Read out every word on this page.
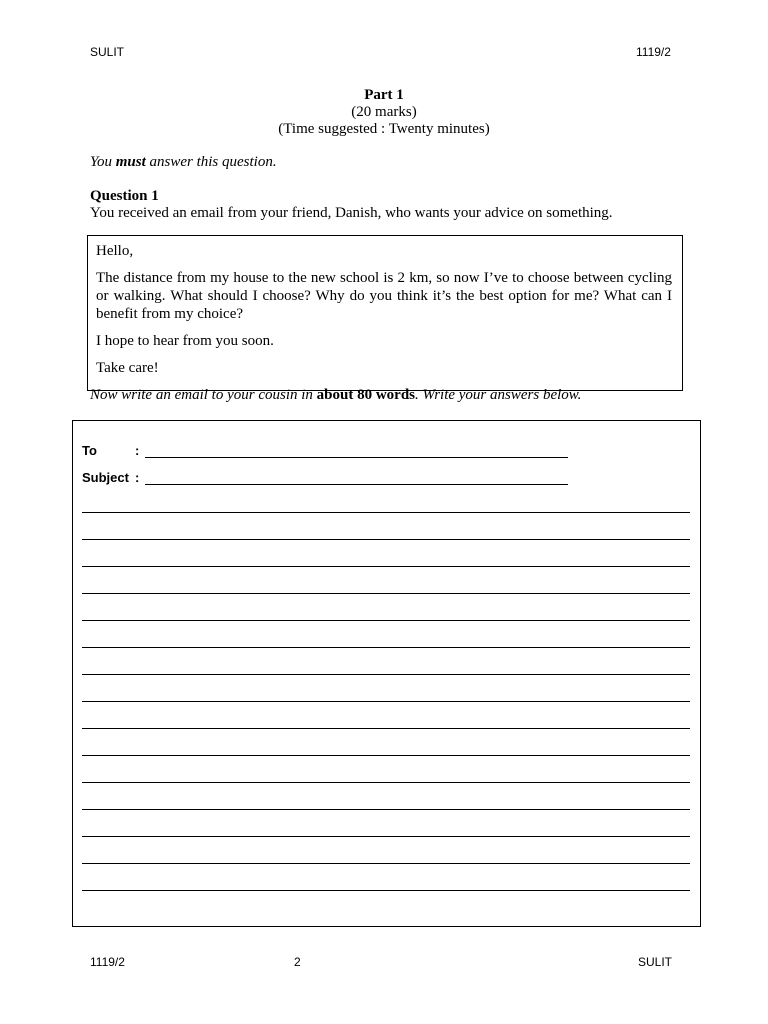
SULIT	1119/2
Part 1
(20 marks)
(Time suggested : Twenty minutes)
You must answer this question.
Question 1
You received an email from your friend, Danish, who wants your advice on something.

Hello,

The distance from my house to the new school is 2 km, so now I’ve to choose between cycling or walking. What should I choose? Why do you think it’s the best option for me? What can I benefit from my choice?

I hope to hear from you soon.

Take care!

Now write an email to your cousin in about 80 words. Write your answers below.
To	:
Subject :
1119/2	2	SULIT
